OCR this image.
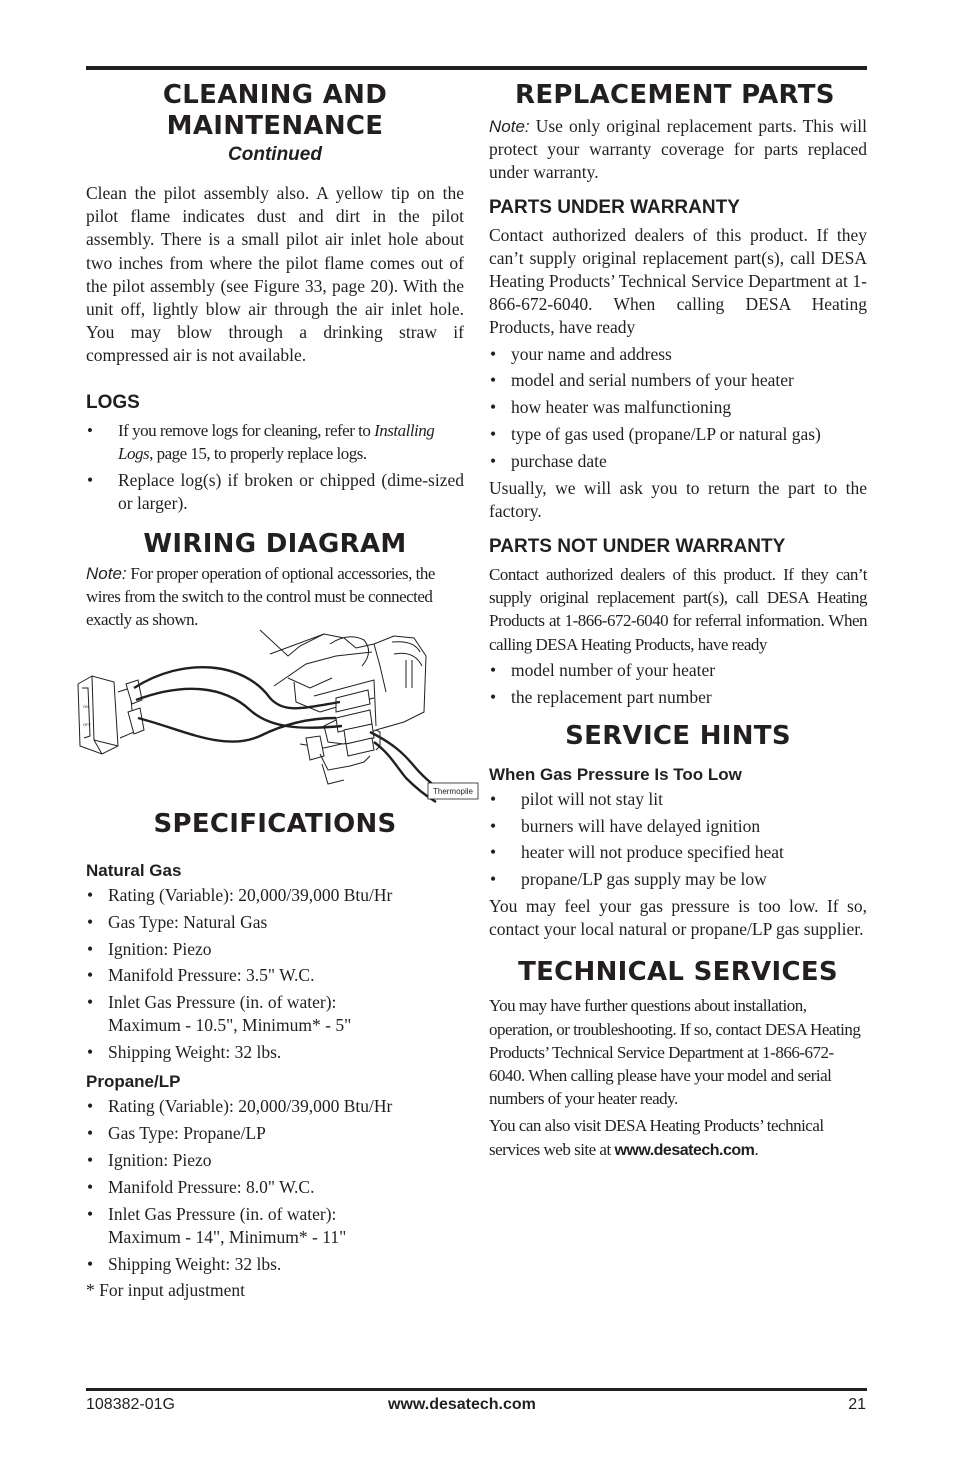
CLEANING AND
MAINTENANCE
Continued

Clean the pilot assembly also. A yellow tip on the pilot flame indicates dust and dirt in the pilot assembly. There is a small pilot air inlet hole about two inches from where the pilot flame comes out of the pilot assembly (see Figure 33, page 20). With the unit off, lightly blow air through the air inlet hole. You may blow through a drinking straw if compressed air is not available.

LOGS
• If you remove logs for cleaning, refer to Installing Logs, page 15, to properly replace logs.
• Replace log(s) if broken or chipped (dime-sized or larger).
WIRING DIAGRAM

Note: For proper operation of optional accessories, the wires from the switch to the control must be connected exactly as shown.

ON
OFF
Thermopile
SPECIFICATIONS
Natural Gas
• Rating (Variable): 20,000/39,000 Btu/Hr
• Gas Type: Natural Gas
• Ignition: Piezo
• Manifold Pressure: 3.5" W.C.
• Inlet Gas Pressure (in. of water):
Maximum - 10.5", Minimum* - 5"
• Shipping Weight: 32 lbs.
Propane/LP
• Rating (Variable): 20,000/39,000 Btu/Hr
• Gas Type: Propane/LP
• Ignition: Piezo
• Manifold Pressure: 8.0" W.C.
• Inlet Gas Pressure (in. of water):
Maximum - 14", Minimum* - 11"
• Shipping Weight: 32 lbs.

* For input adjustment

REPLACEMENT PARTS

Note: Use only original replacement parts. This will protect your warranty coverage for parts replaced under warranty.

PARTS UNDER WARRANTY

Contact authorized dealers of this product. If they can’t supply original replacement part(s), call DESA Heating Products’ Technical Service Department at 1-866-672-6040. When calling DESA Heating Products, have ready

• your name and address
• model and serial numbers of your heater
• how heater was malfunctioning
• type of gas used (propane/LP or natural gas)
• purchase date

Usually, we will ask you to return the part to the factory.

PARTS NOT UNDER WARRANTY

Contact authorized dealers of this product. If they can’t supply original replacement part(s), call DESA Heating Products at 1-866-672-6040 for referral information. When calling DESA Heating Products, have ready

• model number of your heater
• the replacement part number
SERVICE HINTS
When Gas Pressure Is Too Low
• pilot will not stay lit
• burners will have delayed ignition
• heater will not produce specified heat
• propane/LP gas supply may be low

You may feel your gas pressure is too low. If so, contact your local natural or propane/LP gas supplier.

TECHNICAL SERVICES

You may have further questions about installation, operation, or troubleshooting. If so, contact DESA Heating Products’ Technical Service Department at 1-866-672-6040. When calling please have your model and serial numbers of your heater ready.

You can also visit DESA Heating Products’ technical services web site at www.desatech.com.

108382-01G	www.desatech.com	21
